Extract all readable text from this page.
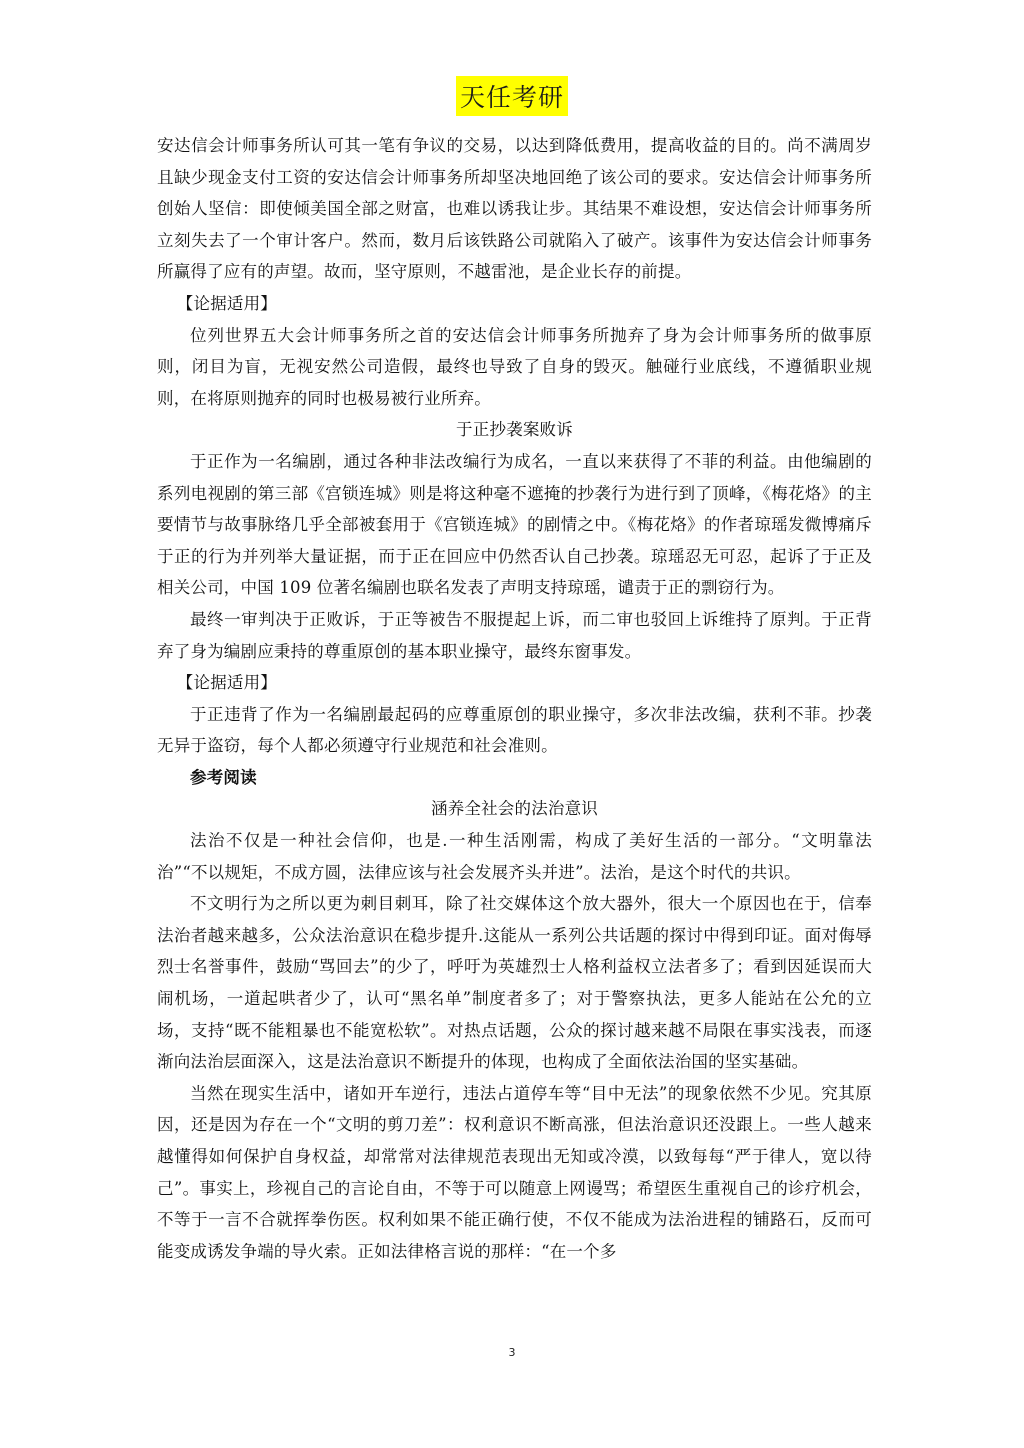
天任考研

安达信会计师事务所认可其一笔有争议的交易，以达到降低费用，提高收益的目的。尚不满周岁且缺少现金支付工资的安达信会计师事务所却坚决地回绝了该公司的要求。安达信会计师事务所创始人坚信：即使倾美国全部之财富，也难以诱我让步。其结果不难设想，安达信会计师事务所立刻失去了一个审计客户。然而，数月后该铁路公司就陷入了破产。该事件为安达信会计师事务所赢得了应有的声望。故而，坚守原则，不越雷池，是企业长存的前提。

【论据适用】

位列世界五大会计师事务所之首的安达信会计师事务所抛弃了身为会计师事务所的做事原则，闭目为盲，无视安然公司造假，最终也导致了自身的毁灭。触碰行业底线，不遵循职业规则，在将原则抛弃的同时也极易被行业所弃。

于正抄袭案败诉

于正作为一名编剧，通过各种非法改编行为成名，一直以来获得了不菲的利益。由他编剧的系列电视剧的第三部《宫锁连城》则是将这种毫不遮掩的抄袭行为进行到了顶峰，《梅花烙》的主要情节与故事脉络几乎全部被套用于《宫锁连城》的剧情之中。《梅花烙》的作者琼瑶发微博痛斥于正的行为并列举大量证据，而于正在回应中仍然否认自己抄袭。琼瑶忍无可忍，起诉了于正及相关公司，中国 109 位著名编剧也联名发表了声明支持琼瑶，谴责于正的剽窃行为。

最终一审判决于正败诉，于正等被告不服提起上诉，而二审也驳回上诉维持了原判。于正背弃了身为编剧应秉持的尊重原创的基本职业操守，最终东窗事发。

【论据适用】

于正违背了作为一名编剧最起码的应尊重原创的职业操守，多次非法改编，获利不菲。抄袭无异于盗窃，每个人都必须遵守行业规范和社会准则。

参考阅读

涵养全社会的法治意识

法治不仅是一种社会信仰，也是.一种生活刚需，构成了美好生活的一部分。“文明靠法治”“不以规矩，不成方圆，法律应该与社会发展齐头并进”。法治，是这个时代的共识。

不文明行为之所以更为刺目刺耳，除了社交媒体这个放大器外，很大一个原因也在于，信奉法治者越来越多，公众法治意识在稳步提升.这能从一系列公共话题的探讨中得到印证。面对侮辱烈士名誉事件，鼓励“骂回去”的少了，呼吁为英雄烈士人格利益权立法者多了；看到因延误而大闹机场，一道起哄者少了，认可“黑名单”制度者多了；对于警察执法，更多人能站在公允的立场，支持“既不能粗暴也不能宽松软”。对热点话题，公众的探讨越来越不局限在事实浅表，而逐渐向法治层面深入，这是法治意识不断提升的体现，也构成了全面依法治国的坚实基础。

当然在现实生活中，诸如开车逆行，违法占道停车等“目中无法”的现象依然不少见。究其原因，还是因为存在一个“文明的剪刀差”：权利意识不断高涨，但法治意识还没跟上。一些人越来越懂得如何保护自身权益，却常常对法律规范表现出无知或冷漠，以致每每“严于律人，宽以待己”。事实上，珍视自己的言论自由，不等于可以随意上网谩骂；希望医生重视自己的诊疗机会，不等于一言不合就挥拳伤医。权利如果不能正确行使，不仅不能成为法治进程的铺路石，反而可能变成诱发争端的导火索。正如法律格言说的那样：“在一个多

3
